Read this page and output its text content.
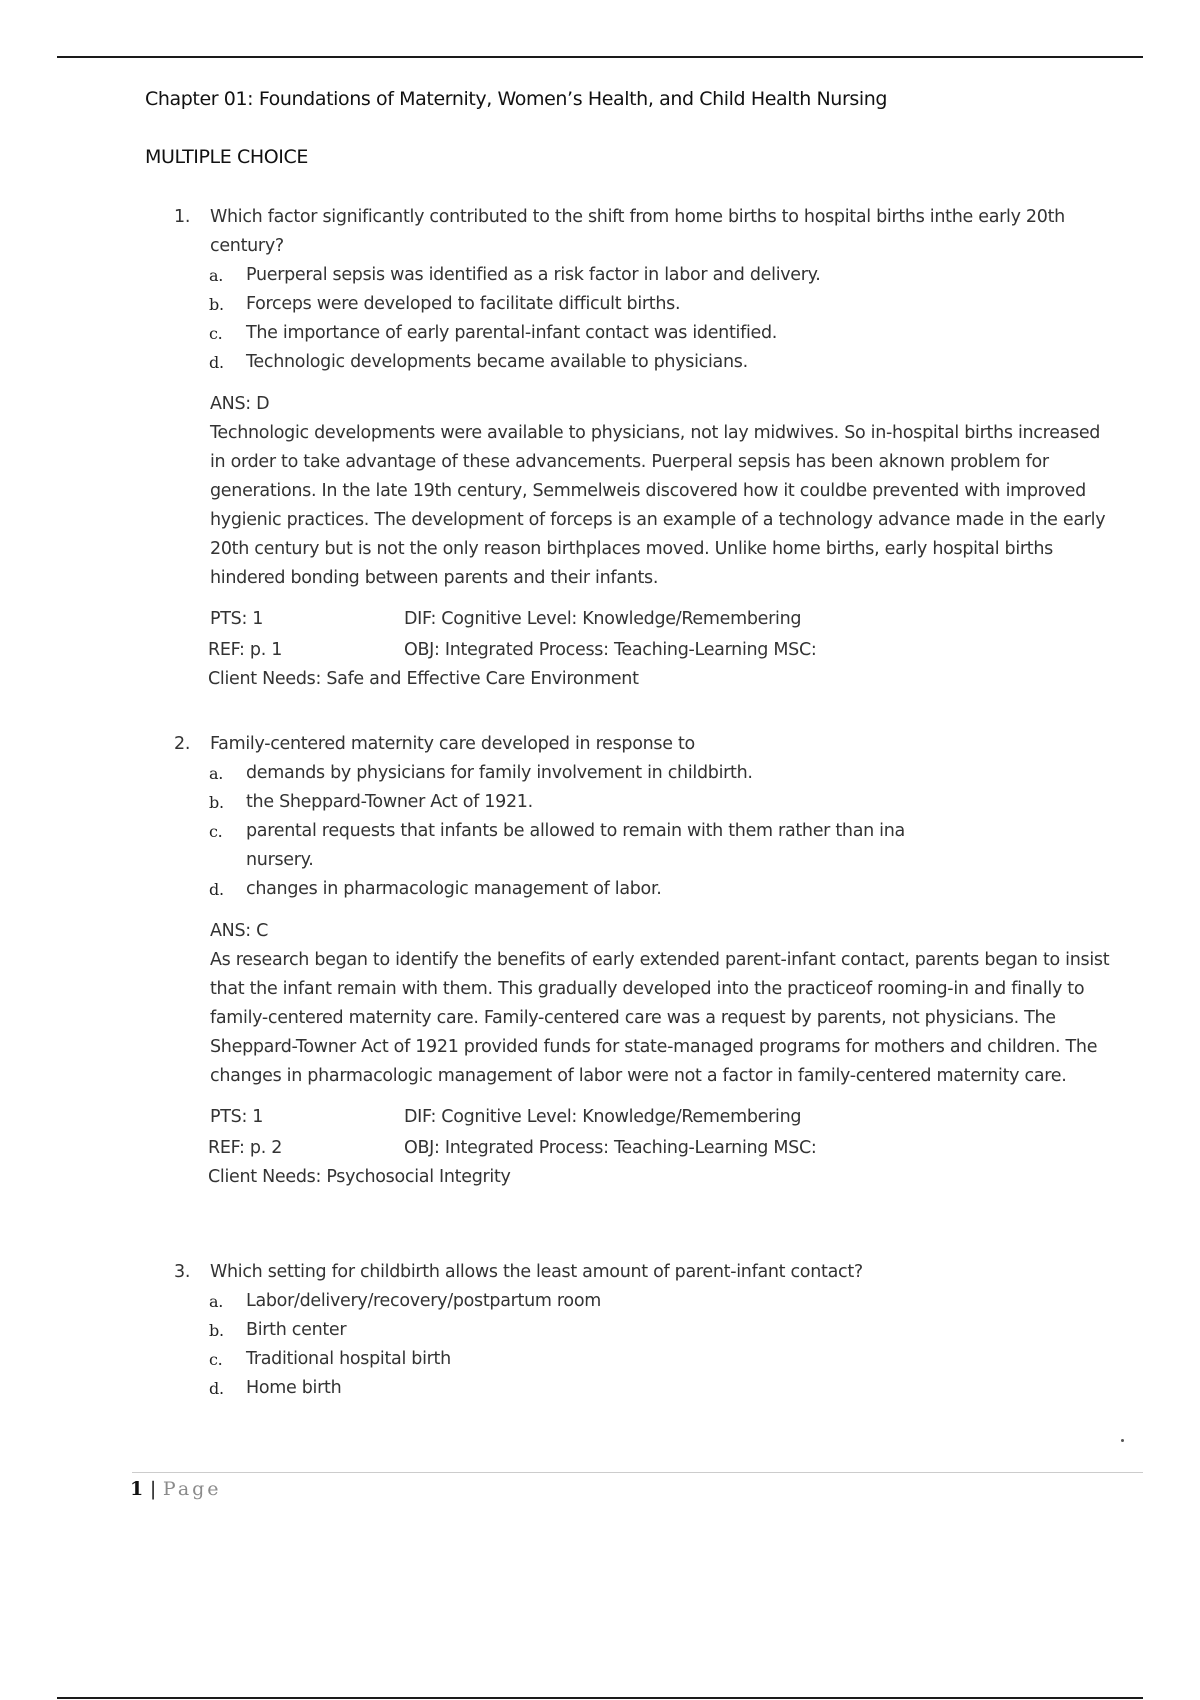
Chapter 01: Foundations of Maternity, Women’s Health, and Child Health Nursing
MULTIPLE CHOICE
1. Which factor significantly contributed to the shift from home births to hospital births inthe early 20th century?
a. Puerperal sepsis was identified as a risk factor in labor and delivery.
b. Forceps were developed to facilitate difficult births.
c. The importance of early parental-infant contact was identified.
d. Technologic developments became available to physicians.
ANS: D
Technologic developments were available to physicians, not lay midwives. So in-hospital births increased in order to take advantage of these advancements. Puerperal sepsis has been aknown problem for generations. In the late 19th century, Semmelweis discovered how it couldbe prevented with improved hygienic practices. The development of forceps is an example of a technology advance made in the early 20th century but is not the only reason birthplaces moved. Unlike home births, early hospital births hindered bonding between parents and their infants.
PTS: 1	DIF: Cognitive Level: Knowledge/Remembering
REF: p. 1	OBJ: Integrated Process: Teaching-Learning MSC:
Client Needs: Safe and Effective Care Environment
2. Family-centered maternity care developed in response to
a. demands by physicians for family involvement in childbirth.
b. the Sheppard-Towner Act of 1921.
c. parental requests that infants be allowed to remain with them rather than ina nursery.
d. changes in pharmacologic management of labor.
ANS: C
As research began to identify the benefits of early extended parent-infant contact, parents began to insist that the infant remain with them. This gradually developed into the practiceof rooming-in and finally to family-centered maternity care. Family-centered care was a request by parents, not physicians. The Sheppard-Towner Act of 1921 provided funds for state-managed programs for mothers and children. The changes in pharmacologic management of labor were not a factor in family-centered maternity care.
PTS: 1	DIF: Cognitive Level: Knowledge/Remembering
REF: p. 2	OBJ: Integrated Process: Teaching-Learning MSC:
Client Needs: Psychosocial Integrity
3. Which setting for childbirth allows the least amount of parent-infant contact?
a. Labor/delivery/recovery/postpartum room
b. Birth center
c. Traditional hospital birth
d. Home birth
1 | Page
